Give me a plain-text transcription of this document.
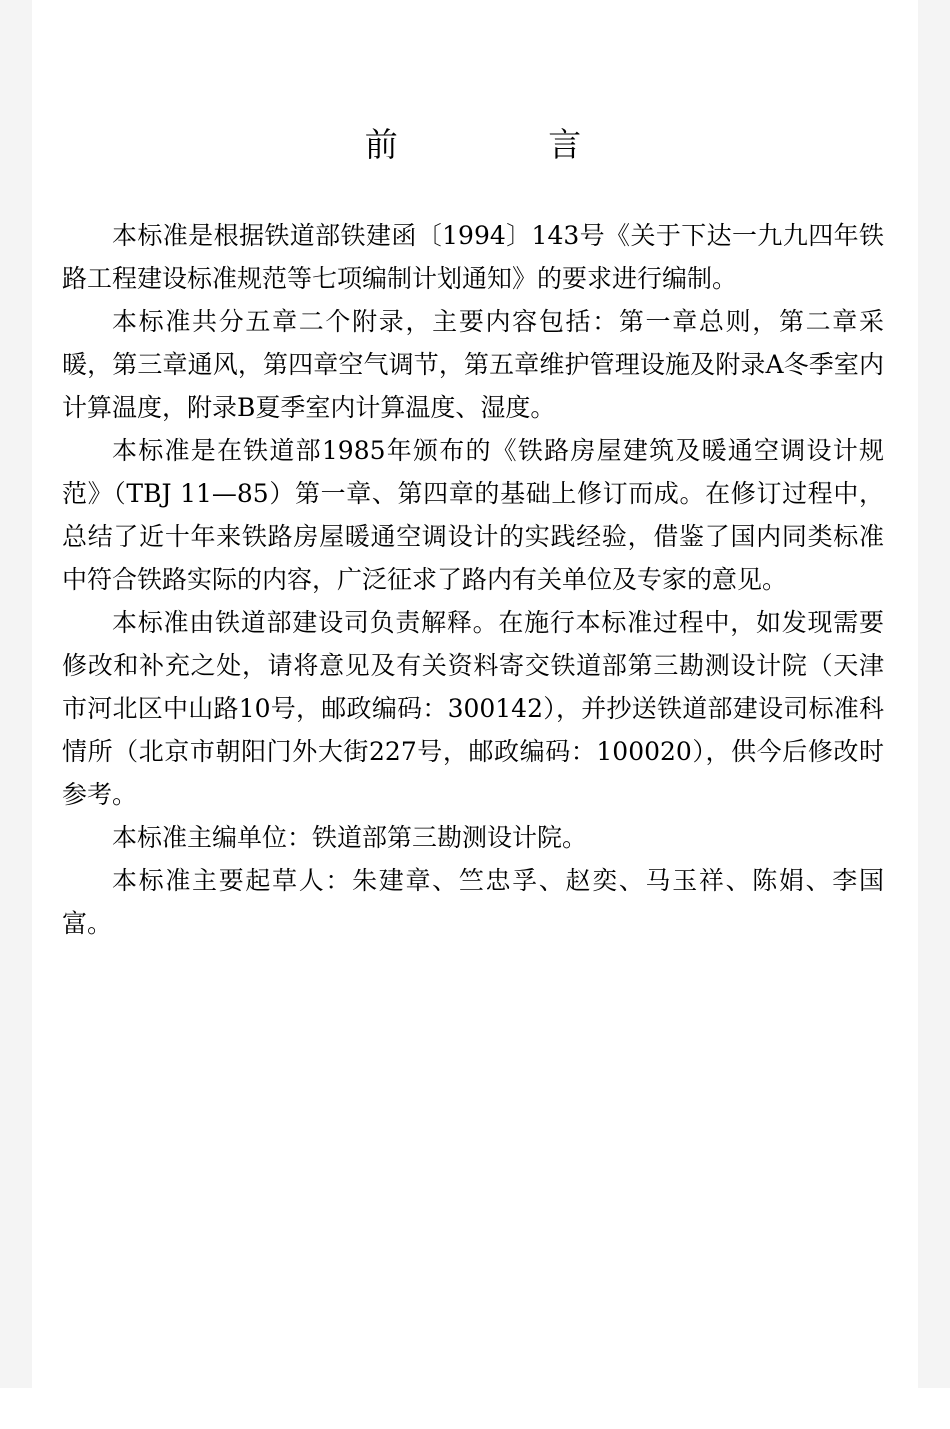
前 言

本标准是根据铁道部铁建函〔1994〕143号《关于下达一九九四年铁路工程建设标准规范等七项编制计划通知》的要求进行编制。

本标准共分五章二个附录，主要内容包括：第一章总则，第二章采暖，第三章通风，第四章空气调节，第五章维护管理设施及附录A冬季室内计算温度，附录B夏季室内计算温度、湿度。

本标准是在铁道部1985年颁布的《铁路房屋建筑及暖通空调设计规范》（TBJ 11—85）第一章、第四章的基础上修订而成。在修订过程中，总结了近十年来铁路房屋暖通空调设计的实践经验，借鉴了国内同类标准中符合铁路实际的内容，广泛征求了路内有关单位及专家的意见。

本标准由铁道部建设司负责解释。在施行本标准过程中，如发现需要修改和补充之处，请将意见及有关资料寄交铁道部第三勘测设计院（天津市河北区中山路10号，邮政编码：300142），并抄送铁道部建设司标准科情所（北京市朝阳门外大街227号，邮政编码：100020），供今后修改时参考。

本标准主编单位：铁道部第三勘测设计院。

本标准主要起草人：朱建章、竺忠孚、赵奕、马玉祥、陈娟、李国富。
